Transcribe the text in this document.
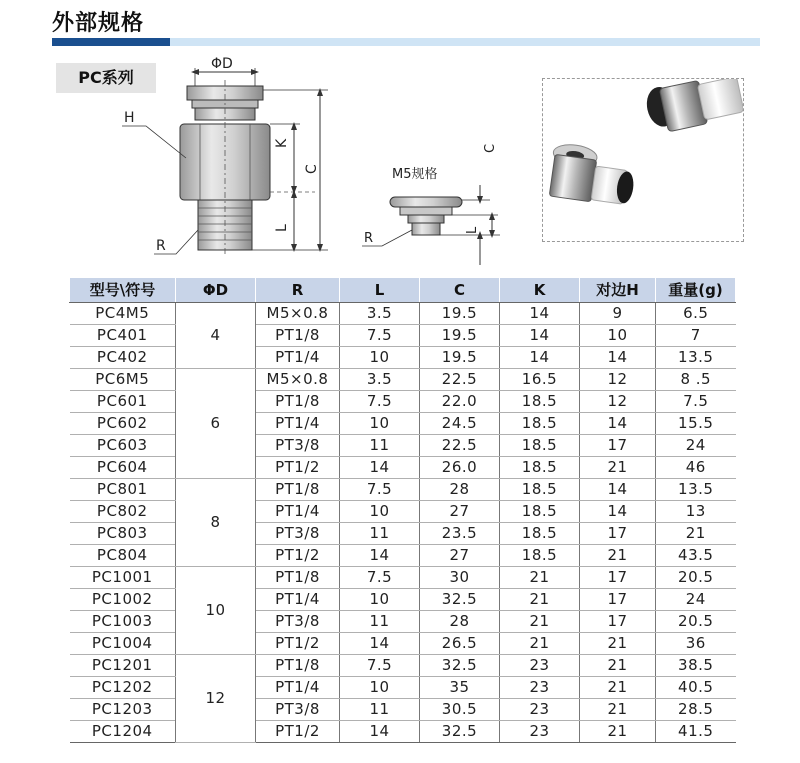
外部规格
PC系列
ΦD
H
C
K
L
R
M5规格
C
L
R
型号\符号	ΦD	R	L	C	K	对边H	重量(g)
PC4M5	4	M5×0.8	3.5	19.5	14	9	6.5
PC401		PT1/8	7.5	19.5	14	10	7
PC402		PT1/4	10	19.5	14	14	13.5
PC6M5	6	M5×0.8	3.5	22.5	16.5	12	8 .5
PC601		PT1/8	7.5	22.0	18.5	12	7.5
PC602		PT1/4	10	24.5	18.5	14	15.5
PC603		PT3/8	11	22.5	18.5	17	24
PC604		PT1/2	14	26.0	18.5	21	46
PC801	8	PT1/8	7.5	28	18.5	14	13.5
PC802		PT1/4	10	27	18.5	14	13
PC803		PT3/8	11	23.5	18.5	17	21
PC804		PT1/2	14	27	18.5	21	43.5
PC1001	10	PT1/8	7.5	30	21	17	20.5
PC1002		PT1/4	10	32.5	21	17	24
PC1003		PT3/8	11	28	21	17	20.5
PC1004		PT1/2	14	26.5	21	21	36
PC1201	12	PT1/8	7.5	32.5	23	21	38.5
PC1202		PT1/4	10	35	23	21	40.5
PC1203		PT3/8	11	30.5	23	21	28.5
PC1204		PT1/2	14	32.5	23	21	41.5
